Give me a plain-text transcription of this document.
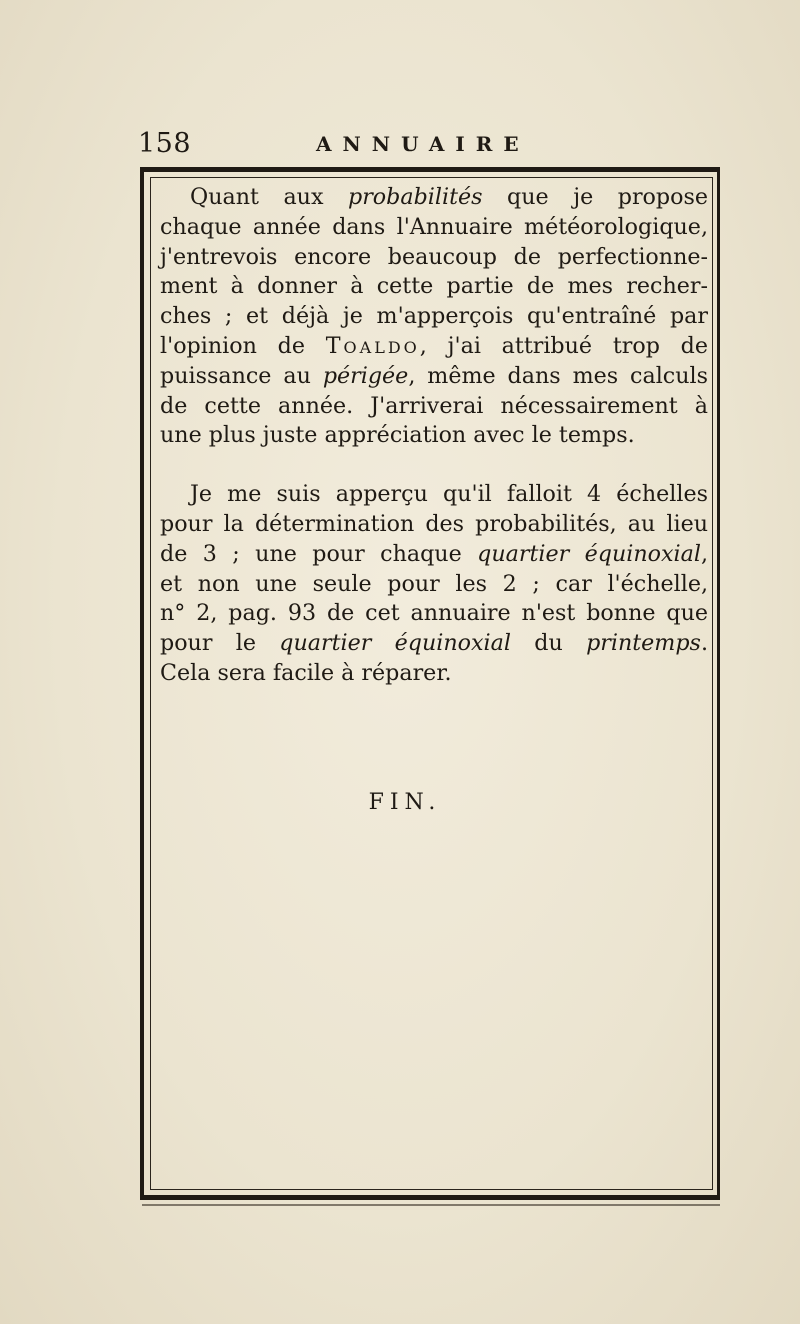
158	ANNUAIRE

Quant aux probabilités que je propose
chaque année dans l'Annuaire météorologique,
j'entrevois encore beaucoup de perfectionne-
ment à donner à cette partie de mes recher-
ches ; et déjà je m'apperçois qu'entraîné par
l'opinion de Toaldo, j'ai attribué trop de
puissance au périgée, même dans mes calculs
de cette année. J'arriverai nécessairement à
une plus juste appréciation avec le temps.

Je me suis apperçu qu'il falloit 4 échelles
pour la détermination des probabilités, au lieu
de 3 ; une pour chaque quartier équinoxial,
et non une seule pour les 2 ; car l'échelle,
n° 2, pag. 93 de cet annuaire n'est bonne que
pour le quartier équinoxial du printemps.
Cela sera facile à réparer.

FIN.
